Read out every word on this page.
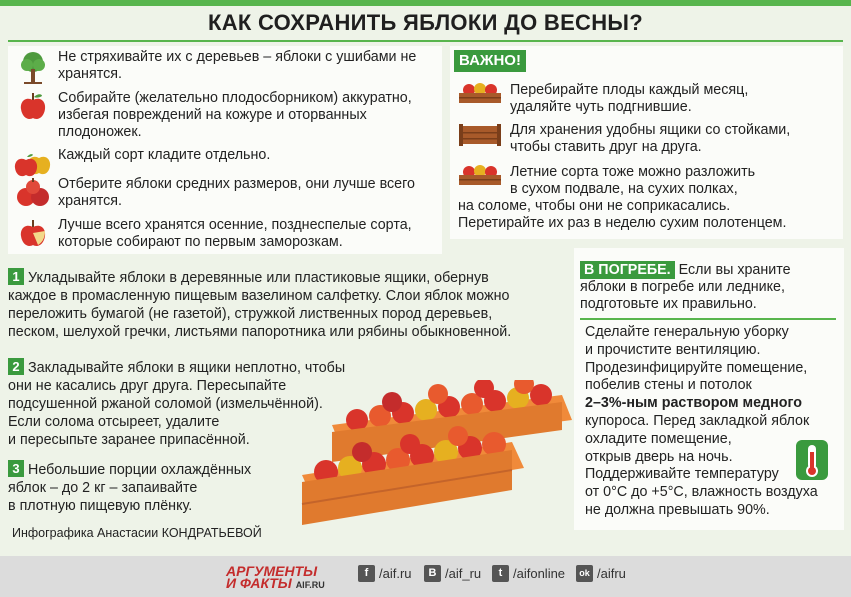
КАК СОХРАНИТЬ ЯБЛОКИ ДО ВЕСНЫ?
Не стряхивайте их с деревьев – яблоки с ушибами не хранятся.
Собирайте (желательно плодосборником) аккуратно, избегая повреждений на кожуре и оторванных плодоножек.
Каждый сорт кладите отдельно.
Отберите яблоки средних размеров, они лучше всего хранятся.
Лучше всего хранятся осенние, позднеспелые сорта, которые собирают по первым заморозкам.
ВАЖНО!
Перебирайте плоды каждый месяц,
удаляйте чуть подгнившие.
Для хранения удобны ящики со стойками,
чтобы ставить друг на друга.
Летние сорта тоже можно разложить
в сухом подвале, на сухих полках,
на соломе, чтобы они не соприкасались.
Перетирайте их раз в неделю сухим полотенцем.
1 Укладывайте яблоки в деревянные или пластиковые ящики, обернув
каждое в промасленную пищевым вазелином салфетку. Слои яблок можно
переложить бумагой (не газетой), стружкой лиственных пород деревьев,
песком, шелухой гречки, листьями папоротника или рябины обыкновенной.
2 Закладывайте яблоки в ящики неплотно, чтобы
они не касались друг друга. Пересыпайте
подсушенной ржаной соломой (измельчённой).
Если солома отсыреет, удалите
и пересыпьте заранее припасённой.
3 Небольшие порции охлаждённых
яблок – до 2 кг – запаивайте
в плотную пищевую плёнку.
Инфографика Анастасии КОНДРАТЬЕВОЙ
В ПОГРЕБЕ. Если вы храните яблоки в погребе или леднике, подготовьте их правильно.
Сделайте генеральную уборку
и прочистите вентиляцию.
Продезинфицируйте помещение,
побелив стены и потолок
2–3%-ным раствором медного
купороса. Перед закладкой яблок
охладите помещение,
открыв дверь на ночь.
Поддерживайте температуру
от 0°С до +5°С, влажность воздуха
не должна превышать 90%.
АРГУМЕНТЫ
И ФАКТЫ AIF.RU
f /aif.ru	В /aif_ru	t /aifonline	ok /aifru
